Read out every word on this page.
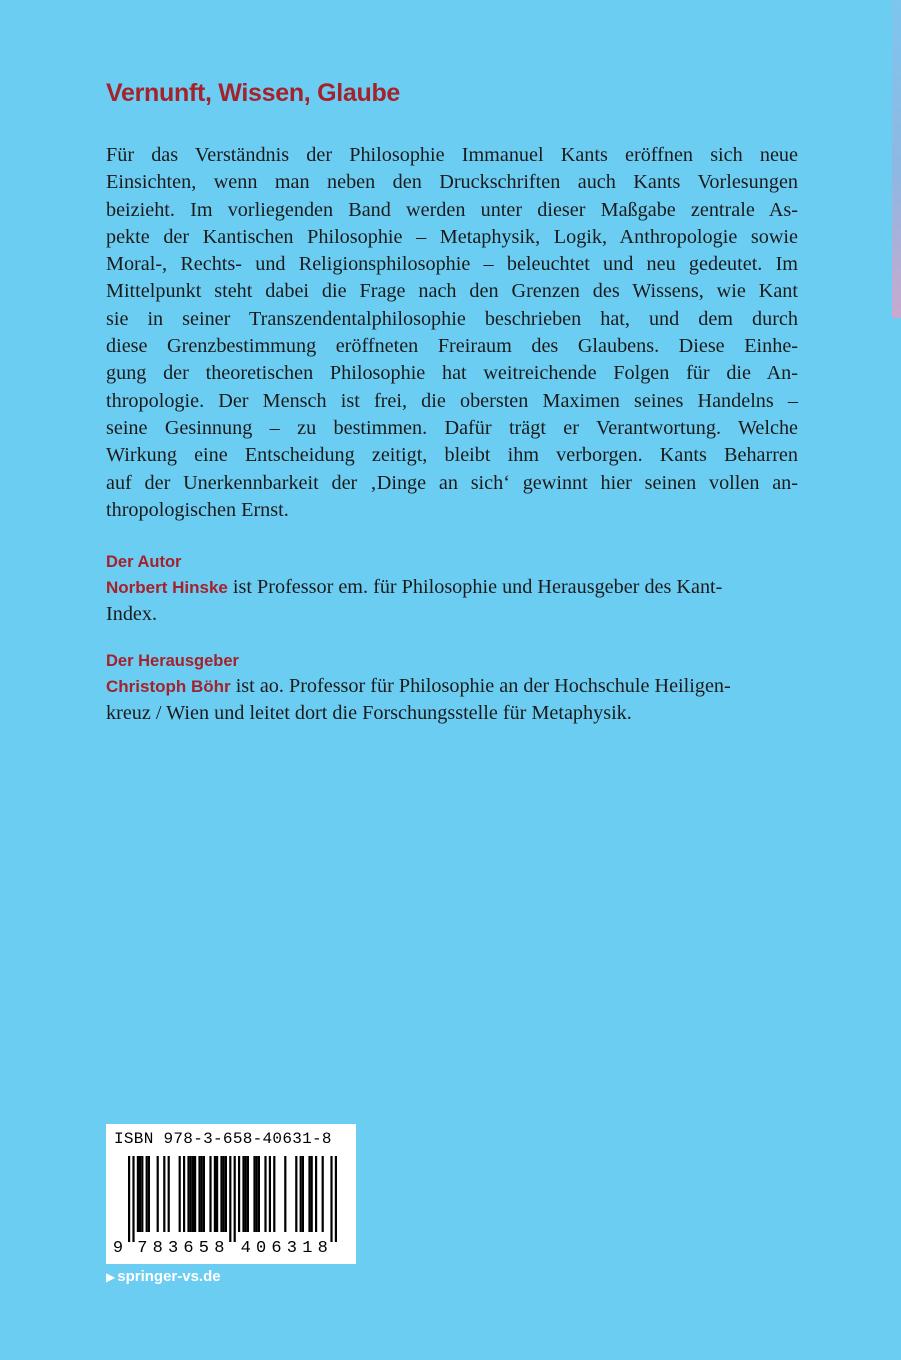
Vernunft, Wissen, Glaube
Für das Verständnis der Philosophie Immanuel Kants eröffnen sich neue
Einsichten, wenn man neben den Druckschriften auch Kants Vorlesungen
beizieht. Im vorliegenden Band werden unter dieser Maßgabe zentrale As-
pekte der Kantischen Philosophie – Metaphysik, Logik, Anthropologie sowie
Moral-, Rechts- und Religionsphilosophie – beleuchtet und neu gedeutet. Im
Mittelpunkt steht dabei die Frage nach den Grenzen des Wissens, wie Kant
sie in seiner Transzendentalphilosophie beschrieben hat, und dem durch
diese Grenzbestimmung eröffneten Freiraum des Glaubens. Diese Einhe-
gung der theoretischen Philosophie hat weitreichende Folgen für die An-
thropologie. Der Mensch ist frei, die obersten Maximen seines Handelns –
seine Gesinnung – zu bestimmen. Dafür trägt er Verantwortung. Welche
Wirkung eine Entscheidung zeitigt, bleibt ihm verborgen. Kants Beharren
auf der Unerkennbarkeit der ‚Dinge an sich‘ gewinnt hier seinen vollen an-
thropologischen Ernst.
Der Autor
Norbert Hinske ist Professor em. für Philosophie und Herausgeber des Kant-
Index.
Der Herausgeber
Christoph Böhr ist ao. Professor für Philosophie an der Hochschule Heiligen-
kreuz / Wien und leitet dort die Forschungsstelle für Metaphysik.
ISBN 978-3-658-40631-8
9 7 8 3 6 5 8 4 0 6 3 1 8
▶ springer-vs.de
